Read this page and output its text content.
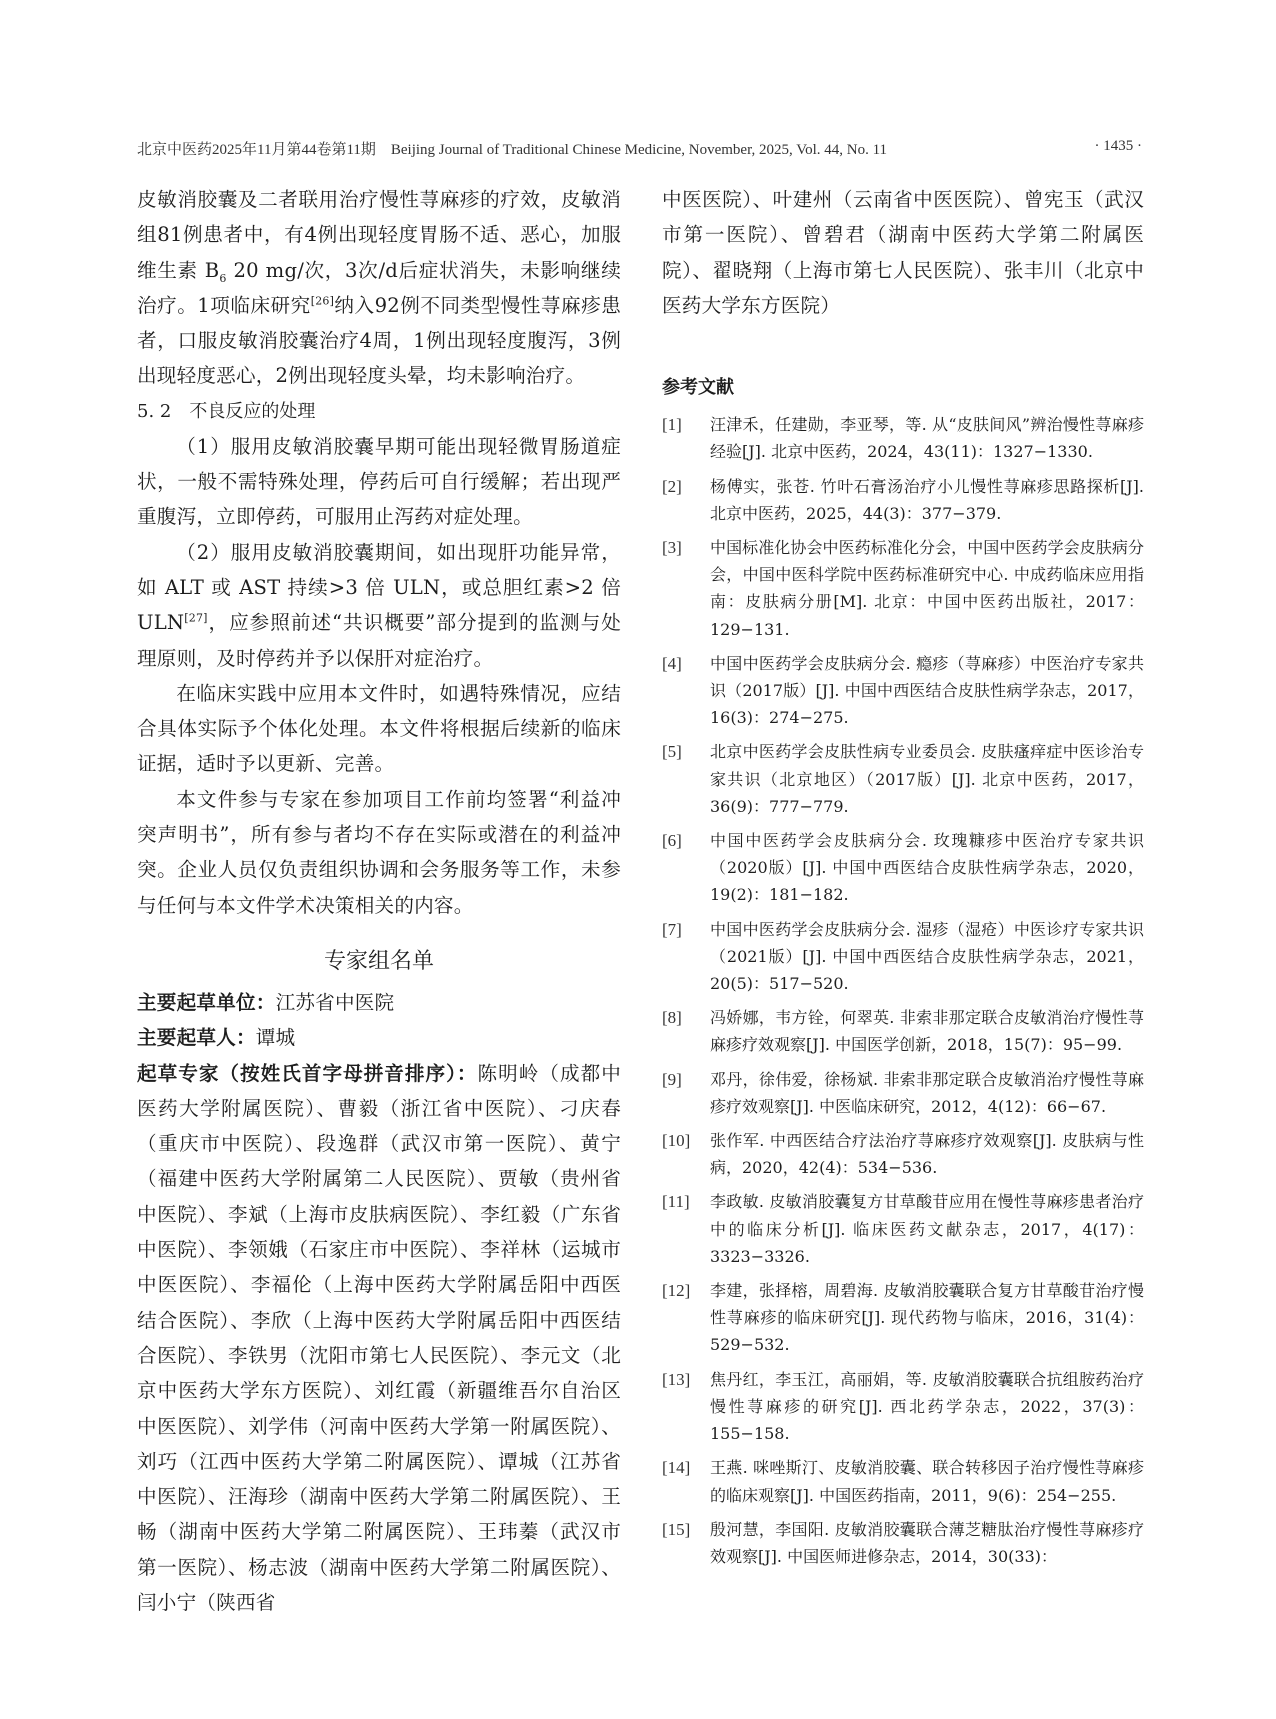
北京中医药2025年11月第44卷第11期　Beijing Journal of Traditional Chinese Medicine, November, 2025, Vol. 44, No. 11	· 1435 ·

皮敏消胶囊及二者联用治疗慢性荨麻疹的疗效，皮敏消组81例患者中，有4例出现轻度胃肠不适、恶心，加服维生素 $B_6$ 20 mg/次，3次/d后症状消失，未影响继续治疗。1项临床研究[26]纳入92例不同类型慢性荨麻疹患者，口服皮敏消胶囊治疗4周，1例出现轻度腹泻，3例出现轻度恶心，2例出现轻度头晕，均未影响治疗。

5. 2　不良反应的处理

（1）服用皮敏消胶囊早期可能出现轻微胃肠道症状，一般不需特殊处理，停药后可自行缓解；若出现严重腹泻，立即停药，可服用止泻药对症处理。

（2）服用皮敏消胶囊期间，如出现肝功能异常，如 ALT 或 AST 持续>3 倍 ULN，或总胆红素>2 倍 ULN[27]，应参照前述“共识概要”部分提到的监测与处理原则，及时停药并予以保肝对症治疗。

在临床实践中应用本文件时，如遇特殊情况，应结合具体实际予个体化处理。本文件将根据后续新的临床证据，适时予以更新、完善。

本文件参与专家在参加项目工作前均签署“利益冲突声明书”，所有参与者均不存在实际或潜在的利益冲突。企业人员仅负责组织协调和会务服务等工作，未参与任何与本文件学术决策相关的内容。

专家组名单

主要起草单位：江苏省中医院

主要起草人：谭城

起草专家（按姓氏首字母拼音排序）：陈明岭（成都中医药大学附属医院）、曹毅（浙江省中医院）、刁庆春（重庆市中医院）、段逸群（武汉市第一医院）、黄宁（福建中医药大学附属第二人民医院）、贾敏（贵州省中医院）、李斌（上海市皮肤病医院）、李红毅（广东省中医院）、李领娥（石家庄市中医院）、李祥林（运城市中医医院）、李福伦（上海中医药大学附属岳阳中西医结合医院）、李欣（上海中医药大学附属岳阳中西医结合医院）、李铁男（沈阳市第七人民医院）、李元文（北京中医药大学东方医院）、刘红霞（新疆维吾尔自治区中医医院）、刘学伟（河南中医药大学第一附属医院）、刘巧（江西中医药大学第二附属医院）、谭城（江苏省中医院）、汪海珍（湖南中医药大学第二附属医院）、王畅（湖南中医药大学第二附属医院）、王玮蓁（武汉市第一医院）、杨志波（湖南中医药大学第二附属医院）、闫小宁（陕西省

中医医院）、叶建州（云南省中医医院）、曾宪玉（武汉市第一医院）、曾碧君（湖南中医药大学第二附属医院）、翟晓翔（上海市第七人民医院）、张丰川（北京中医药大学东方医院）

参考文献
[1] 汪津禾，任建勋，李亚琴，等. 从“皮肤间风”辨治慢性荨麻疹经验[J]. 北京中医药，2024，43(11)：1327−1330.
[2] 杨傅实，张苍. 竹叶石膏汤治疗小儿慢性荨麻疹思路探析[J]. 北京中医药，2025，44(3)：377−379.
[3] 中国标准化协会中医药标准化分会，中国中医药学会皮肤病分会，中国中医科学院中医药标准研究中心. 中成药临床应用指南：皮肤病分册[M]. 北京：中国中医药出版社，2017：129−131.
[4] 中国中医药学会皮肤病分会. 瘾疹（荨麻疹）中医治疗专家共识（2017版）[J]. 中国中西医结合皮肤性病学杂志，2017，16(3)：274−275.
[5] 北京中医药学会皮肤性病专业委员会. 皮肤瘙痒症中医诊治专家共识（北京地区）（2017版）[J]. 北京中医药，2017，36(9)：777−779.
[6] 中国中医药学会皮肤病分会. 玫瑰糠疹中医治疗专家共识（2020版）[J]. 中国中西医结合皮肤性病学杂志，2020，19(2)：181−182.
[7] 中国中医药学会皮肤病分会. 湿疹（湿疮）中医诊疗专家共识（2021版）[J]. 中国中西医结合皮肤性病学杂志，2021，20(5)：517−520.
[8] 冯娇娜，韦方铨，何翠英. 非索非那定联合皮敏消治疗慢性荨麻疹疗效观察[J]. 中国医学创新，2018，15(7)：95−99.
[9] 邓丹，徐伟爱，徐杨斌. 非索非那定联合皮敏消治疗慢性荨麻疹疗效观察[J]. 中医临床研究，2012，4(12)：66−67.
[10] 张作军. 中西医结合疗法治疗荨麻疹疗效观察[J]. 皮肤病与性病，2020，42(4)：534−536.
[11] 李政敏. 皮敏消胶囊复方甘草酸苷应用在慢性荨麻疹患者治疗中的临床分析[J]. 临床医药文献杂志，2017，4(17)：3323−3326.
[12] 李建，张择榕，周碧海. 皮敏消胶囊联合复方甘草酸苷治疗慢性荨麻疹的临床研究[J]. 现代药物与临床，2016，31(4)：529−532.
[13] 焦丹红，李玉江，高丽娟，等. 皮敏消胶囊联合抗组胺药治疗慢性荨麻疹的研究[J]. 西北药学杂志，2022，37(3)：155−158.
[14] 王燕. 咪唑斯汀、皮敏消胶囊、联合转移因子治疗慢性荨麻疹的临床观察[J]. 中国医药指南，2011，9(6)：254−255.
[15] 殷河慧，李国阳. 皮敏消胶囊联合薄芝糖肽治疗慢性荨麻疹疗效观察[J]. 中国医师进修杂志，2014，30(33)：
